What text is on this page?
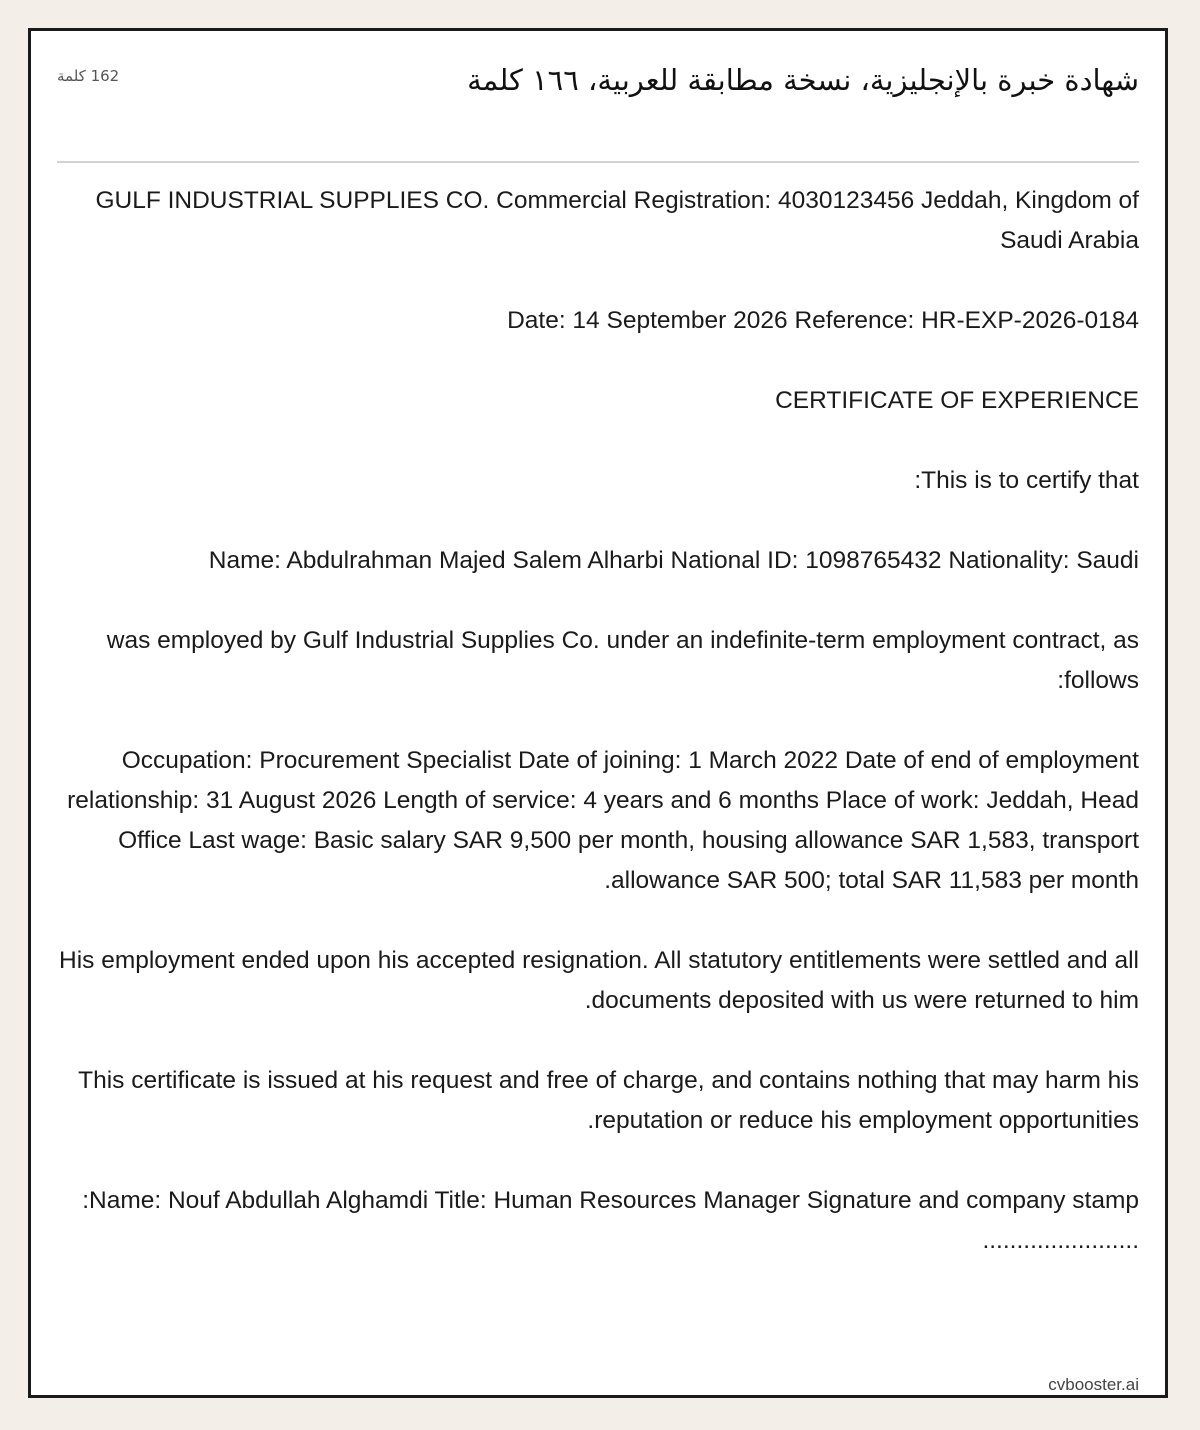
شهادة خبرة بالإنجليزية، نسخة مطابقة للعربية، ١٦٦ كلمة
162 كلمة

GULF INDUSTRIAL SUPPLIES CO. Commercial Registration: 4030123456 Jeddah, Kingdom of Saudi Arabia

Date: 14 September 2026 Reference: HR-EXP-2026-0184

CERTIFICATE OF EXPERIENCE

This is to certify that:

Name: Abdulrahman Majed Salem Alharbi National ID: 1098765432 Nationality: Saudi

was employed by Gulf Industrial Supplies Co. under an indefinite-term employment contract, as follows:

Occupation: Procurement Specialist Date of joining: 1 March 2022 Date of end of employment relationship: 31 August 2026 Length of service: 4 years and 6 months Place of work: Jeddah, Head Office Last wage: Basic salary SAR 9,500 per month, housing allowance SAR 1,583, transport allowance SAR 500; total SAR 11,583 per month.

His employment ended upon his accepted resignation. All statutory entitlements were settled and all documents deposited with us were returned to him.

This certificate is issued at his request and free of charge, and contains nothing that may harm his reputation or reduce his employment opportunities.

Name: Nouf Abdullah Alghamdi Title: Human Resources Manager Signature and company stamp: .......................

cvbooster.ai
